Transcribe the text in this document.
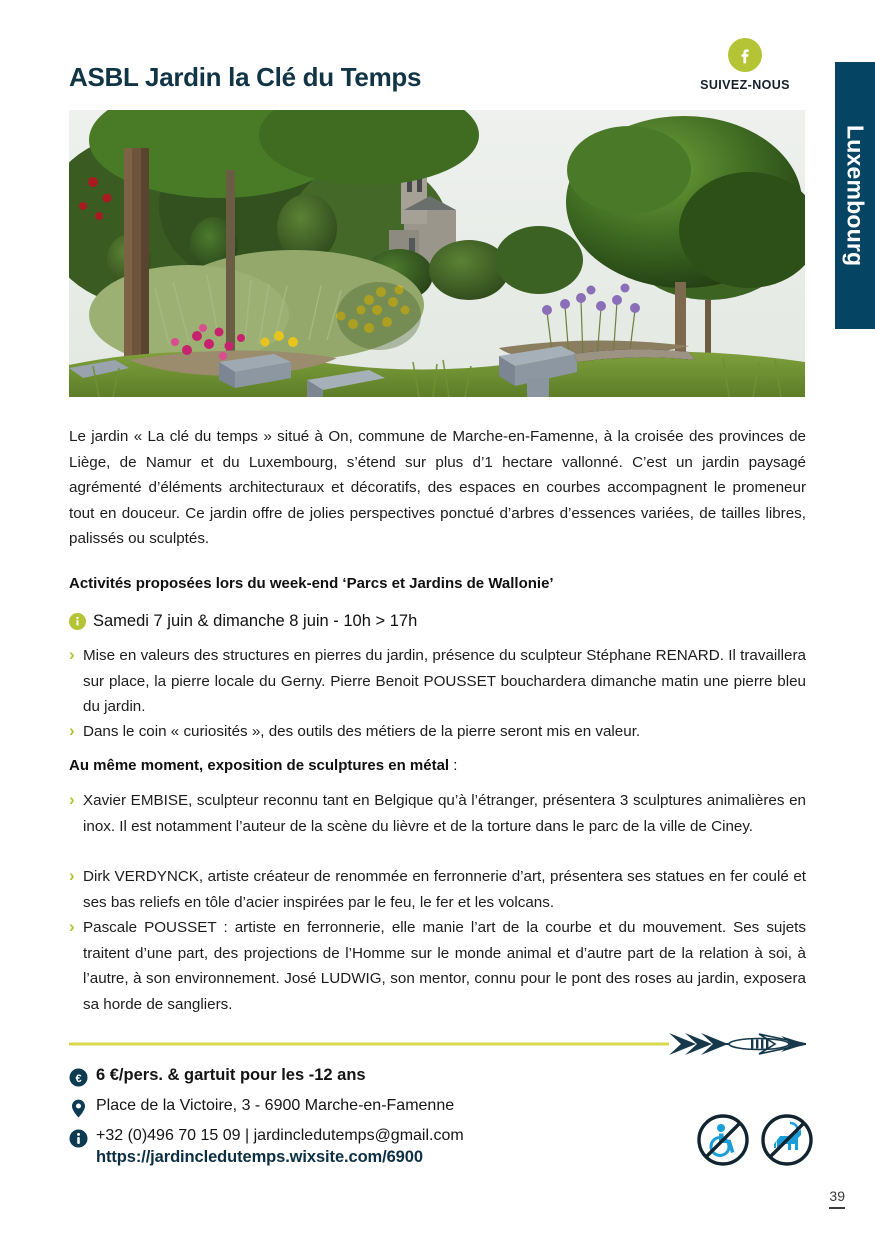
ASBL Jardin la Clé du Temps	SUIVEZ-NOUS
Luxembourg
Le jardin « La clé du temps » situé à On, commune de Marche-en-Famenne, à la croisée des provinces de Liège, de Namur et du Luxembourg, s’étend sur plus d’1 hectare vallonné. C’est un jardin paysagé agrémenté d’éléments architecturaux et décoratifs, des espaces en courbes accompagnent le promeneur tout en douceur. Ce jardin offre de jolies perspectives ponctué d’arbres d’essences variées, de tailles libres, palissés ou sculptés.
Activités proposées lors du week-end ‘Parcs et Jardins de Wallonie’
Samedi 7 juin & dimanche 8 juin - 10h > 17h
› Mise en valeurs des structures en pierres du jardin, présence du sculpteur Stéphane RENARD. Il travaillera sur place, la pierre locale du Gerny. Pierre Benoit POUSSET bouchardera dimanche matin une pierre bleu du jardin.
› Dans le coin « curiosités », des outils des métiers de la pierre seront mis en valeur.
Au même moment, exposition de sculptures en métal :
› Xavier EMBISE, sculpteur reconnu tant en Belgique qu’à l’étranger, présentera 3 sculptures animalières en inox. Il est notamment l’auteur de la scène du lièvre et de la torture dans le parc de la ville de Ciney.
› Dirk VERDYNCK, artiste créateur de renommée en ferronnerie d’art, présentera ses statues en fer coulé et ses bas reliefs en tôle d’acier inspirées par le feu, le fer et les volcans.
› Pascale POUSSET : artiste en ferronnerie, elle manie l’art de la courbe et du mouvement. Ses sujets traitent d’une part, des projections de l’Homme sur le monde animal et d’autre part de la relation à soi, à l’autre, à son environnement. José LUDWIG, son mentor, connu pour le pont des roses au jardin, exposera sa horde de sangliers.
€ 6 €/pers. & gartuit pour les -12 ans
Place de la Victoire, 3 - 6900 Marche-en-Famenne
+32 (0)496 70 15 09 | jardincledutemps@gmail.com
https://jardincledutemps.wixsite.com/6900
39
